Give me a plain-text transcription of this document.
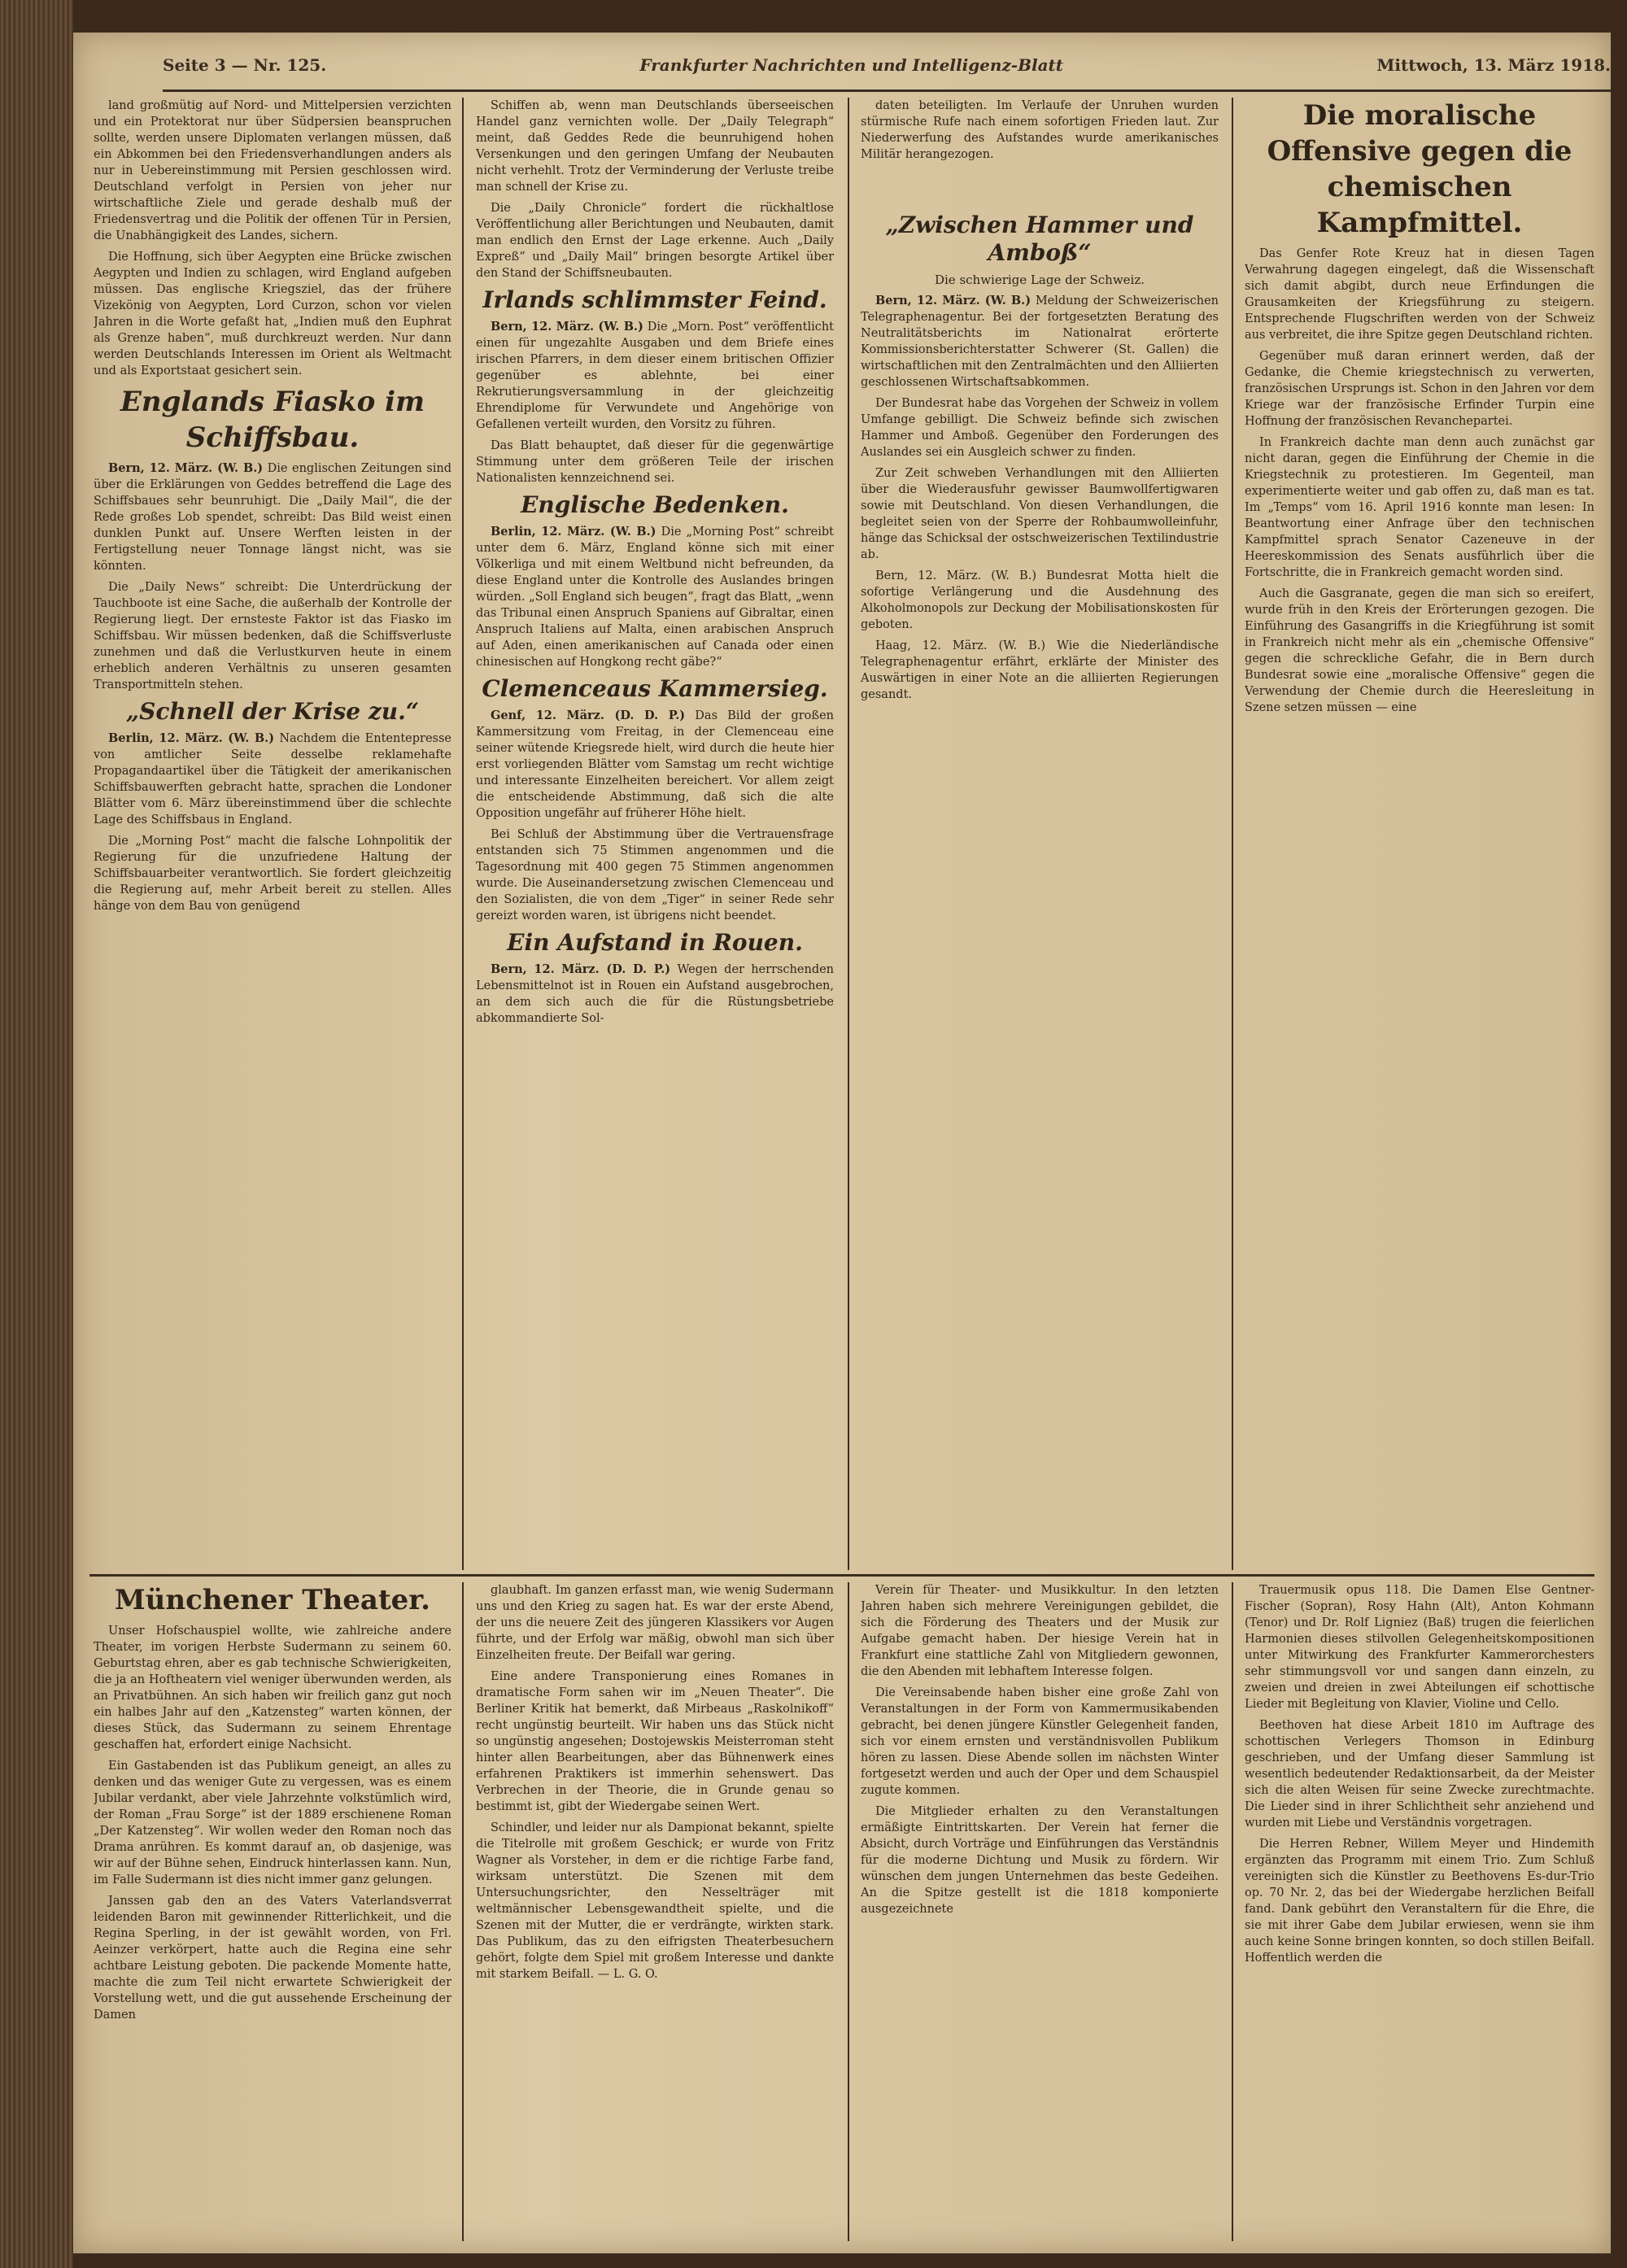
Seite 3 — Nr. 125.	Frankfurter Nachrichten und Intelligenz-Blatt	Mittwoch, 13. März 1918.

land großmütig auf Nord- und Mittelpersien verzichten und ein Protektorat nur über Südpersien beanspruchen sollte, werden unsere Diplomaten verlangen müssen, daß ein Abkommen bei den Friedensverhandlungen anders als nur in Uebereinstimmung mit Persien geschlossen wird. Deutschland verfolgt in Persien von jeher nur wirtschaftliche Ziele und gerade deshalb muß der Friedensvertrag und die Politik der offenen Tür in Persien, die Unabhängigkeit des Landes, sichern.

Die Hoffnung, sich über Aegypten eine Brücke zwischen Aegypten und Indien zu schlagen, wird England aufgeben müssen. Das englische Kriegsziel, das der frühere Vizekönig von Aegypten, Lord Curzon, schon vor vielen Jahren in die Worte gefaßt hat, „Indien muß den Euphrat als Grenze haben“, muß durchkreuzt werden. Nur dann werden Deutschlands Interessen im Orient als Weltmacht und als Exportstaat gesichert sein.

Englands Fiasko im Schiffsbau.

Bern, 12. März. (W. B.) Die englischen Zeitungen sind über die Erklärungen von Geddes betreffend die Lage des Schiffsbaues sehr beunruhigt. Die „Daily Mail“, die der Rede großes Lob spendet, schreibt: Das Bild weist einen dunklen Punkt auf. Unsere Werften leisten in der Fertigstellung neuer Tonnage längst nicht, was sie könnten.

Die „Daily News“ schreibt: Die Unterdrückung der Tauchboote ist eine Sache, die außerhalb der Kontrolle der Regierung liegt. Der ernsteste Faktor ist das Fiasko im Schiffsbau. Wir müssen bedenken, daß die Schiffsverluste zunehmen und daß die Verlustkurven heute in einem erheblich anderen Verhältnis zu unseren gesamten Transportmitteln stehen.

„Schnell der Krise zu.“

Berlin, 12. März. (W. B.) Nachdem die Ententepresse von amtlicher Seite desselbe reklamehafte Propagandaartikel über die Tätigkeit der amerikanischen Schiffsbauwerften gebracht hatte, sprachen die Londoner Blätter vom 6. März übereinstimmend über die schlechte Lage des Schiffsbaus in England.

Die „Morning Post“ macht die falsche Lohnpolitik der Regierung für die unzufriedene Haltung der Schiffsbauarbeiter verantwortlich. Sie fordert gleichzeitig die Regierung auf, mehr Arbeit bereit zu stellen. Alles hänge von dem Bau von genügend

Schiffen ab, wenn man Deutschlands überseeischen Handel ganz vernichten wolle. Der „Daily Telegraph“ meint, daß Geddes Rede die beunruhigend hohen Versenkungen und den geringen Umfang der Neubauten nicht verhehlt. Trotz der Verminderung der Verluste treibe man schnell der Krise zu.

Die „Daily Chronicle“ fordert die rückhaltlose Veröffentlichung aller Berichtungen und Neubauten, damit man endlich den Ernst der Lage erkenne. Auch „Daily Expreß“ und „Daily Mail“ bringen besorgte Artikel über den Stand der Schiffsneubauten.

Irlands schlimmster Feind.

Bern, 12. März. (W. B.) Die „Morn. Post“ veröffentlicht einen für ungezahlte Ausgaben und dem Briefe eines irischen Pfarrers, in dem dieser einem britischen Offizier gegenüber es ablehnte, bei einer Rekrutierungsversammlung in der gleichzeitig Ehrendiplome für Verwundete und Angehörige von Gefallenen verteilt wurden, den Vorsitz zu führen.

Das Blatt behauptet, daß dieser für die gegenwärtige Stimmung unter dem größeren Teile der irischen Nationalisten kennzeichnend sei.

Englische Bedenken.

Berlin, 12. März. (W. B.) Die „Morning Post“ schreibt unter dem 6. März, England könne sich mit einer Völkerliga und mit einem Weltbund nicht befreunden, da diese England unter die Kontrolle des Auslandes bringen würden. „Soll England sich beugen“, fragt das Blatt, „wenn das Tribunal einen Anspruch Spaniens auf Gibraltar, einen Anspruch Italiens auf Malta, einen arabischen Anspruch auf Aden, einen amerikanischen auf Canada oder einen chinesischen auf Hongkong recht gäbe?“

Clemenceaus Kammersieg.

Genf, 12. März. (D. D. P.) Das Bild der großen Kammersitzung vom Freitag, in der Clemenceau eine seiner wütende Kriegsrede hielt, wird durch die heute hier erst vorliegenden Blätter vom Samstag um recht wichtige und interessante Einzelheiten bereichert. Vor allem zeigt die entscheidende Abstimmung, daß sich die alte Opposition ungefähr auf früherer Höhe hielt.

Bei Schluß der Abstimmung über die Vertrauensfrage entstanden sich 75 Stimmen angenommen und die Tagesordnung mit 400 gegen 75 Stimmen angenommen wurde. Die Auseinandersetzung zwischen Clemenceau und den Sozialisten, die von dem „Tiger“ in seiner Rede sehr gereizt worden waren, ist übrigens nicht beendet.

Ein Aufstand in Rouen.

Bern, 12. März. (D. D. P.) Wegen der herrschenden Lebensmittelnot ist in Rouen ein Aufstand ausgebrochen, an dem sich auch die für die Rüstungsbetriebe abkommandierte Sol-

daten beteiligten. Im Verlaufe der Unruhen wurden stürmische Rufe nach einem sofortigen Frieden laut. Zur Niederwerfung des Aufstandes wurde amerikanisches Militär herangezogen.

„Zwischen Hammer und Amboß“

Die schwierige Lage der Schweiz.

Bern, 12. März. (W. B.) Meldung der Schweizerischen Telegraphenagentur. Bei der fortgesetzten Beratung des Neutralitätsberichts im Nationalrat erörterte Kommissionsberichterstatter Schwerer (St. Gallen) die wirtschaftlichen mit den Zentralmächten und den Alliierten geschlossenen Wirtschaftsabkommen.

Der Bundesrat habe das Vorgehen der Schweiz in vollem Umfange gebilligt. Die Schweiz befinde sich zwischen Hammer und Amboß. Gegenüber den Forderungen des Auslandes sei ein Ausgleich schwer zu finden.

Zur Zeit schweben Verhandlungen mit den Alliierten über die Wiederausfuhr gewisser Baumwollfertigwaren sowie mit Deutschland. Von diesen Verhandlungen, die begleitet seien von der Sperre der Rohbaumwolleinfuhr, hänge das Schicksal der ostschweizerischen Textilindustrie ab.

Bern, 12. März. (W. B.) Bundesrat Motta hielt die sofortige Verlängerung und die Ausdehnung des Alkoholmonopols zur Deckung der Mobilisationskosten für geboten.

Haag, 12. März. (W. B.) Wie die Niederländische Telegraphenagentur erfährt, erklärte der Minister des Auswärtigen in einer Note an die alliierten Regierungen gesandt.

Die moralische Offensive gegen die chemischen Kampfmittel.

Das Genfer Rote Kreuz hat in diesen Tagen Verwahrung dagegen eingelegt, daß die Wissenschaft sich damit abgibt, durch neue Erfindungen die Grausamkeiten der Kriegsführung zu steigern. Entsprechende Flugschriften werden von der Schweiz aus verbreitet, die ihre Spitze gegen Deutschland richten.

Gegenüber muß daran erinnert werden, daß der Gedanke, die Chemie kriegstechnisch zu verwerten, französischen Ursprungs ist. Schon in den Jahren vor dem Kriege war der französische Erfinder Turpin eine Hoffnung der französischen Revanchepartei.

In Frankreich dachte man denn auch zunächst gar nicht daran, gegen die Einführung der Chemie in die Kriegstechnik zu protestieren. Im Gegenteil, man experimentierte weiter und gab offen zu, daß man es tat. Im „Temps“ vom 16. April 1916 konnte man lesen: In Beantwortung einer Anfrage über den technischen Kampfmittel sprach Senator Cazeneuve in der Heereskommission des Senats ausführlich über die Fortschritte, die in Frankreich gemacht worden sind.

Auch die Gasgranate, gegen die man sich so ereifert, wurde früh in den Kreis der Erörterungen gezogen. Die Einführung des Gasangriffs in die Kriegführung ist somit in Frankreich nicht mehr als ein „chemische Offensive“ gegen die schreckliche Gefahr, die in Bern durch Bundesrat sowie eine „moralische Offensive“ gegen die Verwendung der Chemie durch die Heeresleitung in Szene setzen müssen — eine

Münchener Theater.

Unser Hofschauspiel wollte, wie zahlreiche andere Theater, im vorigen Herbste Sudermann zu seinem 60. Geburtstag ehren, aber es gab technische Schwierigkeiten, die ja an Hoftheatern viel weniger überwunden werden, als an Privatbühnen. An sich haben wir freilich ganz gut noch ein halbes Jahr auf den „Katzensteg“ warten können, der dieses Stück, das Sudermann zu seinem Ehrentage geschaffen hat, erfordert einige Nachsicht.

Ein Gastabenden ist das Publikum geneigt, an alles zu denken und das weniger Gute zu vergessen, was es einem Jubilar verdankt, aber viele Jahrzehnte volkstümlich wird, der Roman „Frau Sorge“ ist der 1889 erschienene Roman „Der Katzensteg“. Wir wollen weder den Roman noch das Drama anrühren. Es kommt darauf an, ob dasjenige, was wir auf der Bühne sehen, Eindruck hinterlassen kann. Nun, im Falle Sudermann ist dies nicht immer ganz gelungen.

Janssen gab den an des Vaters Vaterlandsverrat leidenden Baron mit gewinnender Ritterlichkeit, und die Regina Sperling, in der ist gewählt worden, von Frl. Aeinzer verkörpert, hatte auch die Regina eine sehr achtbare Leistung geboten. Die packende Momente hatte, machte die zum Teil nicht erwartete Schwierigkeit der Vorstellung wett, und die gut aussehende Erscheinung der Damen

glaubhaft. Im ganzen erfasst man, wie wenig Sudermann uns und den Krieg zu sagen hat. Es war der erste Abend, der uns die neuere Zeit des jüngeren Klassikers vor Augen führte, und der Erfolg war mäßig, obwohl man sich über Einzelheiten freute. Der Beifall war gering.

Eine andere Transponierung eines Romanes in dramatische Form sahen wir im „Neuen Theater“. Die Berliner Kritik hat bemerkt, daß Mirbeaus „Raskolnikoff“ recht ungünstig beurteilt. Wir haben uns das Stück nicht so ungünstig angesehen; Dostojewskis Meisterroman steht hinter allen Bearbeitungen, aber das Bühnenwerk eines erfahrenen Praktikers ist immerhin sehenswert. Das Verbrechen in der Theorie, die in Grunde genau so bestimmt ist, gibt der Wiedergabe seinen Wert.

Schindler, und leider nur als Dampionat bekannt, spielte die Titelrolle mit großem Geschick; er wurde von Fritz Wagner als Vorsteher, in dem er die richtige Farbe fand, wirksam unterstützt. Die Szenen mit dem Untersuchungsrichter, den Nesselträger mit weltmännischer Lebensgewandtheit spielte, und die Szenen mit der Mutter, die er verdrängte, wirkten stark. Das Publikum, das zu den eifrigsten Theaterbesuchern gehört, folgte dem Spiel mit großem Interesse und dankte mit starkem Beifall. — L. G. O.

Verein für Theater- und Musikkultur. In den letzten Jahren haben sich mehrere Vereinigungen gebildet, die sich die Förderung des Theaters und der Musik zur Aufgabe gemacht haben. Der hiesige Verein hat in Frankfurt eine stattliche Zahl von Mitgliedern gewonnen, die den Abenden mit lebhaftem Interesse folgen.

Die Vereinsabende haben bisher eine große Zahl von Veranstaltungen in der Form von Kammermusikabenden gebracht, bei denen jüngere Künstler Gelegenheit fanden, sich vor einem ernsten und verständnisvollen Publikum hören zu lassen. Diese Abende sollen im nächsten Winter fortgesetzt werden und auch der Oper und dem Schauspiel zugute kommen.

Die Mitglieder erhalten zu den Veranstaltungen ermäßigte Eintrittskarten. Der Verein hat ferner die Absicht, durch Vorträge und Einführungen das Verständnis für die moderne Dichtung und Musik zu fördern. Wir wünschen dem jungen Unternehmen das beste Gedeihen. An die Spitze gestellt ist die 1818 komponierte ausgezeichnete

Trauermusik opus 118. Die Damen Else Gentner-Fischer (Sopran), Rosy Hahn (Alt), Anton Kohmann (Tenor) und Dr. Rolf Ligniez (Baß) trugen die feierlichen Harmonien dieses stilvollen Gelegenheitskompositionen unter Mitwirkung des Frankfurter Kammerorchesters sehr stimmungsvoll vor und sangen dann einzeln, zu zweien und dreien in zwei Abteilungen eif schottische Lieder mit Begleitung von Klavier, Violine und Cello.

Beethoven hat diese Arbeit 1810 im Auftrage des schottischen Verlegers Thomson in Edinburg geschrieben, und der Umfang dieser Sammlung ist wesentlich bedeutender Redaktionsarbeit, da der Meister sich die alten Weisen für seine Zwecke zurechtmachte. Die Lieder sind in ihrer Schlichtheit sehr anziehend und wurden mit Liebe und Verständnis vorgetragen.

Die Herren Rebner, Willem Meyer und Hindemith ergänzten das Programm mit einem Trio. Zum Schluß vereinigten sich die Künstler zu Beethovens Es-dur-Trio op. 70 Nr. 2, das bei der Wiedergabe herzlichen Beifall fand. Dank gebührt den Veranstaltern für die Ehre, die sie mit ihrer Gabe dem Jubilar erwiesen, wenn sie ihm auch keine Sonne bringen konnten, so doch stillen Beifall. Hoffentlich werden die
